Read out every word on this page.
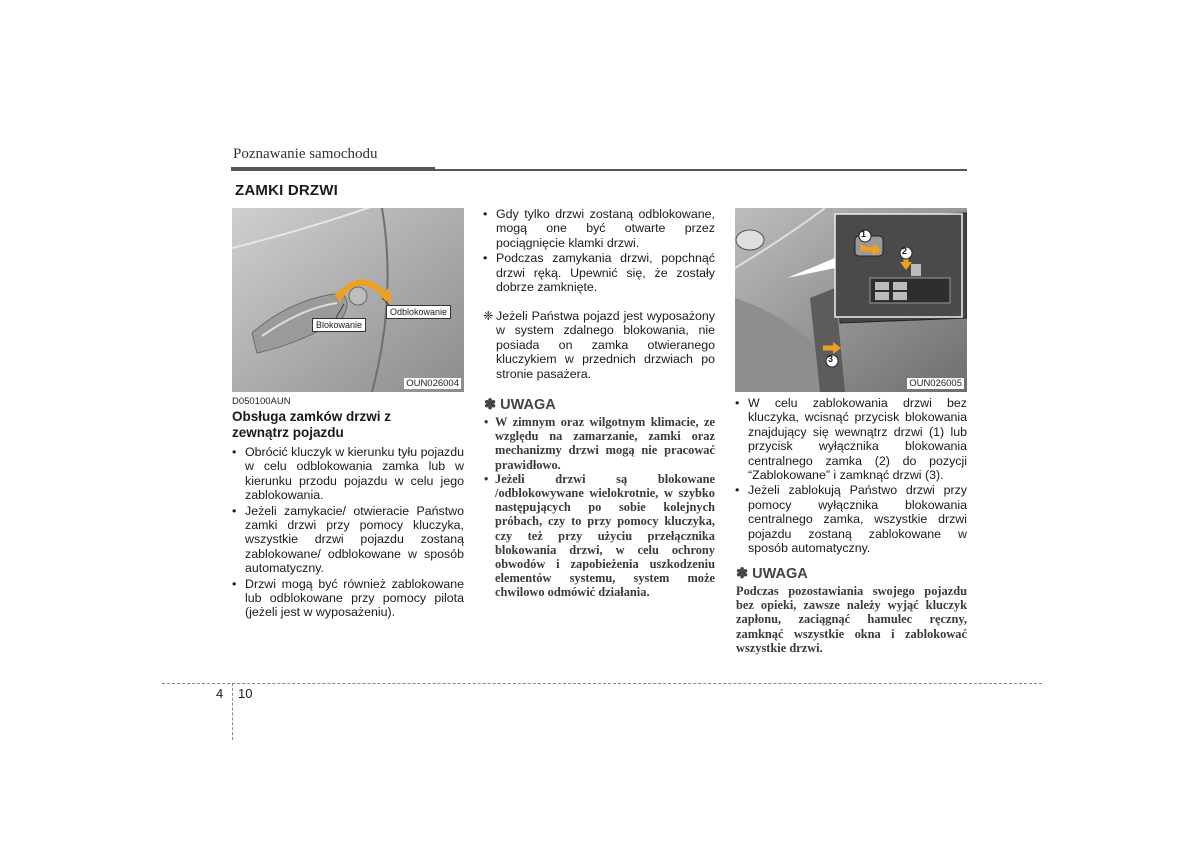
Poznawanie samochodu
ZAMKI DRZWI
Blokowanie
Odblokowanie
OUN026004
D050100AUN
Obsługa zamków drzwi z zewnątrz pojazdu
• Obrócić kluczyk w kierunku tyłu pojazdu w celu odblokowania zamka lub w kierunku przodu pojazdu w celu jego zablokowania.
• Jeżeli zamykacie/ otwieracie Państwo zamki drzwi przy pomocy kluczyka, wszystkie drzwi pojazdu zostaną zablokowane/ odblokowane w sposób automatyczny.
• Drzwi mogą być również zablokowane lub odblokowane przy pomocy pilota (jeżeli jest w wyposażeniu).
• Gdy tylko drzwi zostaną odblokowane, mogą one być otwarte przez pociągnięcie klamki drzwi.
• Podczas zamykania drzwi, popchnąć drzwi ręką. Upewnić się, że zostały dobrze zamknięte.
❈ Jeżeli Państwa pojazd jest wyposażony w system zdalnego blokowania, nie posiada on zamka otwieranego kluczykiem w przednich drzwiach po stronie pasażera.
✽ UWAGA
• W zimnym oraz wilgotnym klimacie, ze względu na zamarzanie, zamki oraz mechanizmy drzwi mogą nie pracować prawidłowo.
• Jeżeli drzwi są blokowane /odblokowywane wielokrotnie, w szybko następujących po sobie kolejnych próbach, czy to przy pomocy kluczyka, czy też przy użyciu przełącznika blokowania drzwi, w celu ochrony obwodów i zapobieżenia uszkodzeniu elementów systemu, system może chwilowo odmówić działania.
1
2
3
OUN026005
• W celu zablokowania drzwi bez kluczyka, wcisnąć przycisk blokowania znajdujący się wewnątrz drzwi (1) lub przycisk wyłącznika blokowania centralnego zamka (2) do pozycji “Zablokowane” i zamknąć drzwi (3).
• Jeżeli zablokują Państwo drzwi przy pomocy wyłącznika blokowania centralnego zamka, wszystkie drzwi pojazdu zostaną zablokowane w sposób automatyczny.
✽ UWAGA
Podczas pozostawiania swojego pojazdu bez opieki, zawsze należy wyjąć kluczyk zapłonu, zaciągnąć hamulec ręczny, zamknąć wszystkie okna i zablokować wszystkie drzwi.
4 10
